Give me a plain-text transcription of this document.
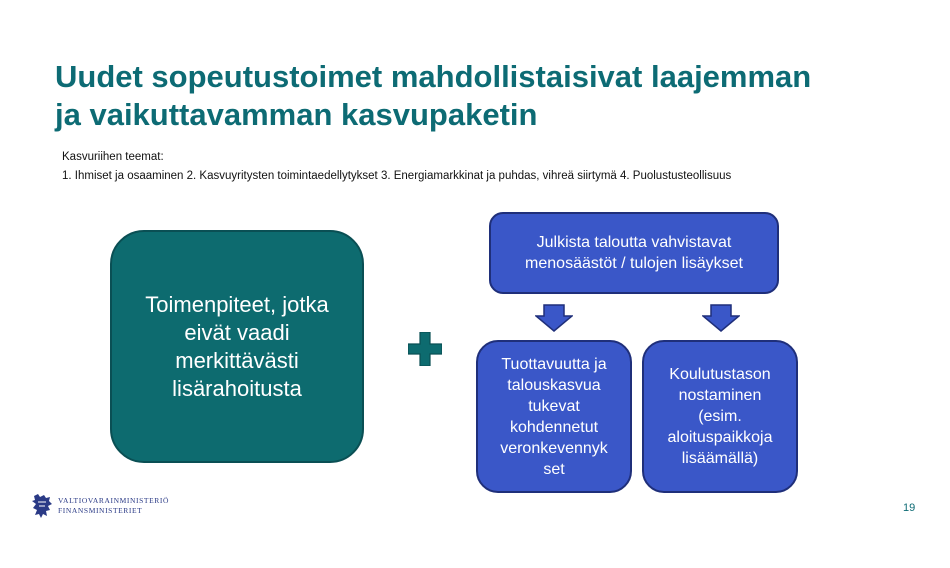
Uudet sopeutustoimet mahdollistaisivat laajemman
ja vaikuttavamman kasvupaketin
Kasvuriihen teemat:
1. Ihmiset ja osaaminen 2. Kasvuyritysten toimintaedellytykset 3. Energiamarkkinat ja puhdas, vihreä siirtymä 4. Puolustusteollisuus
Toimenpiteet, jotka
eivät vaadi
merkittävästi
lisärahoitusta
Julkista taloutta vahvistavat
menosäästöt / tulojen lisäykset
Tuottavuutta ja
talouskasvua
tukevat
kohdennetut
veronkevennyk
set
Koulutustason
nostaminen
(esim.
aloituspaikkoja
lisäämällä)
VALTIOVARAINMINISTERIÖ
FINANSMINISTERIET	19
